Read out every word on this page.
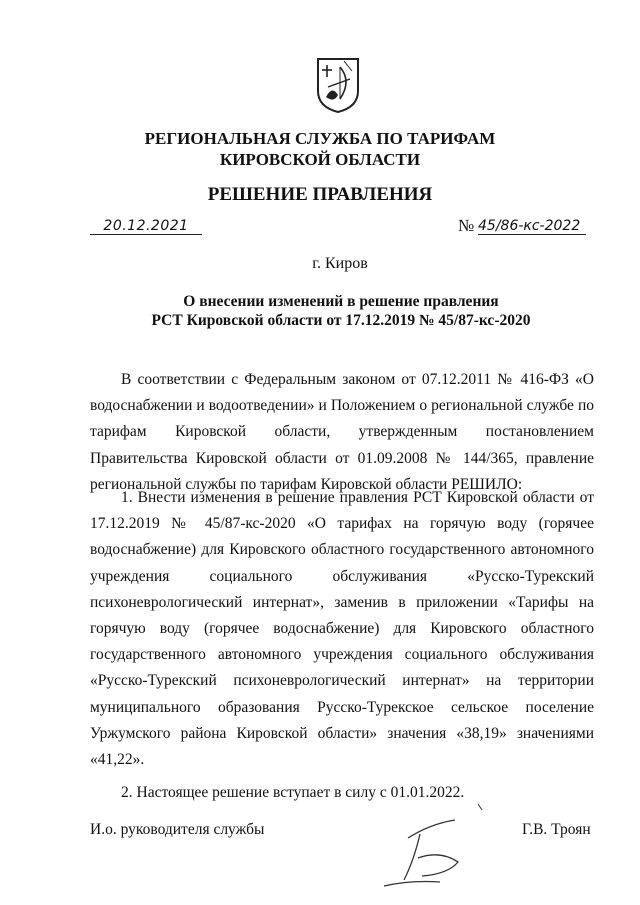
РЕГИОНАЛЬНАЯ СЛУЖБА ПО ТАРИФАМ
КИРОВСКОЙ ОБЛАСТИ
РЕШЕНИЕ ПРАВЛЕНИЯ
20.12.2021	№ 45/86-кс-2022
г. Киров
О внесении изменений в решение правления
РСТ Кировской области от 17.12.2019 № 45/87-кс-2020
В соответствии с Федеральным законом от 07.12.2011 № 416-ФЗ «О водоснабжении и водоотведении» и Положением о региональной службе по тарифам Кировской области, утвержденным постановлением Правительства Кировской области от 01.09.2008 № 144/365, правление региональной службы по тарифам Кировской области РЕШИЛО:
1. Внести изменения в решение правления РСТ Кировской области от 17.12.2019 № 45/87-кс-2020 «О тарифах на горячую воду (горячее водоснабжение) для Кировского областного государственного автономного учреждения социального обслуживания «Русско-Турекский психоневрологический интернат», заменив в приложении «Тарифы на горячую воду (горячее водоснабжение) для Кировского областного государственного автономного учреждения социального обслуживания «Русско-Турекский психоневрологический интернат» на территории муниципального образования Русско-Турекское сельское поселение Уржумского района Кировской области» значения «38,19» значениями «41,22».
2. Настоящее решение вступает в силу с 01.01.2022.
И.о. руководителя службы	Г.В. Троян
